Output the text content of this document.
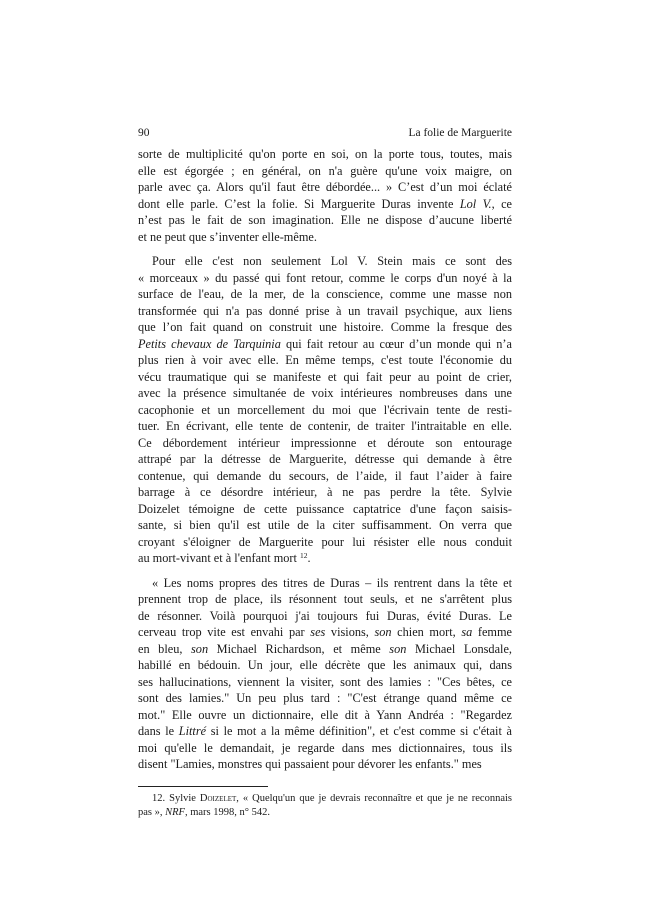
90	La folie de Marguerite
sorte de multiplicité qu'on porte en soi, on la porte tous, toutes, mais
elle est égorgée ; en général, on n'a guère qu'une voix maigre, on
parle avec ça. Alors qu'il faut être débordée... » C’est d’un moi éclaté
dont elle parle. C’est la folie. Si Marguerite Duras invente Lol V., ce
n’est pas le fait de son imagination. Elle ne dispose d’aucune liberté
et ne peut que s’inventer elle-même.
Pour elle c'est non seulement Lol V. Stein mais ce sont des
« morceaux » du passé qui font retour, comme le corps d'un noyé à la
surface de l'eau, de la mer, de la conscience, comme une masse non
transformée qui n'a pas donné prise à un travail psychique, aux liens
que l’on fait quand on construit une histoire. Comme la fresque des
Petits chevaux de Tarquinia qui fait retour au cœur d’un monde qui n’a
plus rien à voir avec elle. En même temps, c'est toute l'économie du
vécu traumatique qui se manifeste et qui fait peur au point de crier,
avec la présence simultanée de voix intérieures nombreuses dans une
cacophonie et un morcellement du moi que l'écrivain tente de resti-
tuer. En écrivant, elle tente de contenir, de traiter l'intraitable en elle.
Ce débordement intérieur impressionne et déroute son entourage
attrapé par la détresse de Marguerite, détresse qui demande à être
contenue, qui demande du secours, de l’aide, il faut l’aider à faire
barrage à ce désordre intérieur, à ne pas perdre la tête. Sylvie
Doizelet témoigne de cette puissance captatrice d'une façon saisis-
sante, si bien qu'il est utile de la citer suffisamment. On verra que
croyant s'éloigner de Marguerite pour lui résister elle nous conduit
au mort-vivant et à l'enfant mort $^{12}$.
« Les noms propres des titres de Duras – ils rentrent dans la tête et
prennent trop de place, ils résonnent tout seuls, et ne s'arrêtent plus
de résonner. Voilà pourquoi j'ai toujours fui Duras, évité Duras. Le
cerveau trop vite est envahi par ses visions, son chien mort, sa femme
en bleu, son Michael Richardson, et même son Michael Lonsdale,
habillé en bédouin. Un jour, elle décrète que les animaux qui, dans
ses hallucinations, viennent la visiter, sont des lamies : "Ces bêtes, ce
sont des lamies." Un peu plus tard : "C'est étrange quand même ce
mot." Elle ouvre un dictionnaire, elle dit à Yann Andréa : "Regardez
dans le Littré si le mot a la même définition", et c'est comme si c'était à
moi qu'elle le demandait, je regarde dans mes dictionnaires, tous ils
disent "Lamies, monstres qui passaient pour dévorer les enfants." mes
12. Sylvie Doizelet, « Quelqu'un que je devrais reconnaître et que je ne reconnais
pas », NRF, mars 1998, n° 542.
